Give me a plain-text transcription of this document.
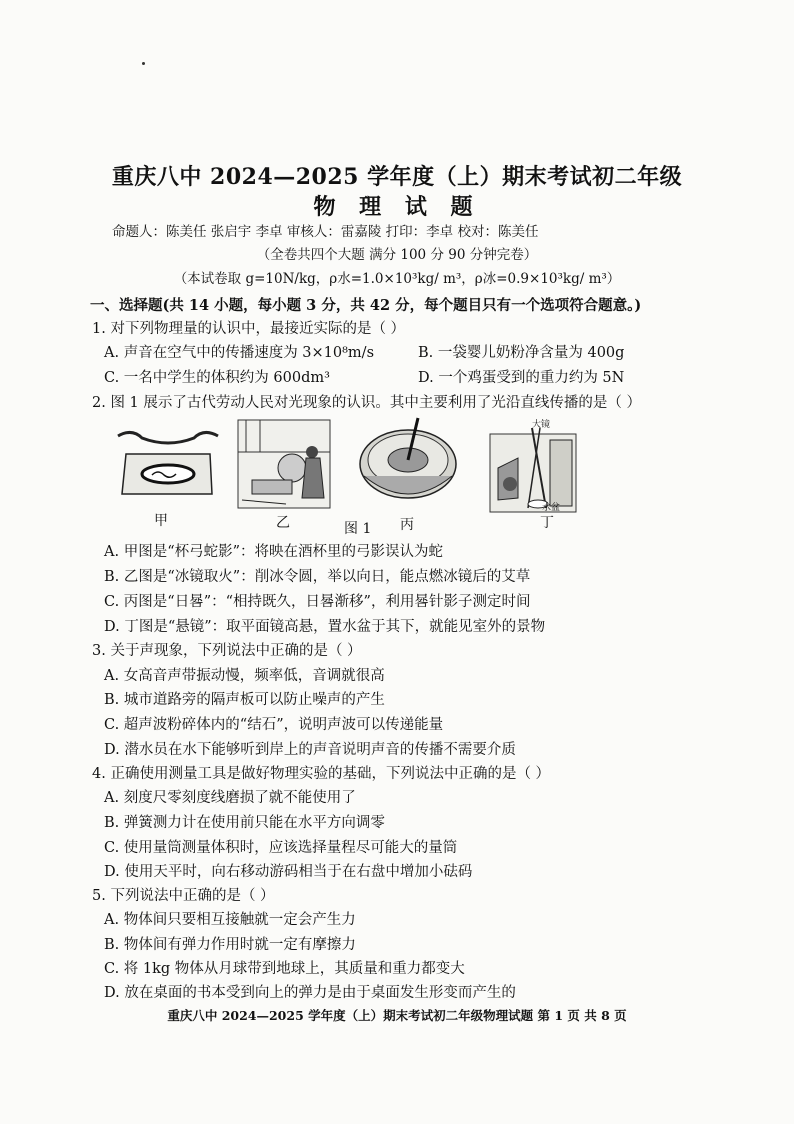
重庆八中 2024—2025 学年度（上）期末考试初二年级
物 理 试 题
命题人：陈美任 张启宇 李卓 审核人：雷嘉陵 打印：李卓 校对：陈美任
（全卷共四个大题 满分 100 分 90 分钟完卷）
（本试卷取 g=10N/kg，ρ水=1.0×10³kg/ m³，ρ冰=0.9×10³kg/ m³）
一、选择题(共 14 小题，每小题 3 分，共 42 分，每个题目只有一个选项符合题意。)
1. 对下列物理量的认识中，最接近实际的是（ ）
A. 声音在空气中的传播速度为 3×10⁸m/s	B. 一袋婴儿奶粉净含量为 400g
C. 一名中学生的体积约为 600dm³	D. 一个鸡蛋受到的重力约为 5N
2. 图 1 展示了古代劳动人民对光现象的认识。其中主要利用了光沿直线传播的是（ ）
大镜
水盆
甲	乙	图 1 丙	丁
A. 甲图是“杯弓蛇影”：将映在酒杯里的弓影误认为蛇
B. 乙图是“冰镜取火”：削冰令圆，举以向日，能点燃冰镜后的艾草
C. 丙图是“日晷”：“相持既久，日晷渐移”，利用晷针影子测定时间
D. 丁图是“悬镜”：取平面镜高悬，置水盆于其下，就能见室外的景物
3. 关于声现象，下列说法中正确的是（ ）
A. 女高音声带振动慢，频率低，音调就很高
B. 城市道路旁的隔声板可以防止噪声的产生
C. 超声波粉碎体内的“结石”，说明声波可以传递能量
D. 潜水员在水下能够听到岸上的声音说明声音的传播不需要介质
4. 正确使用测量工具是做好物理实验的基础，下列说法中正确的是（ ）
A. 刻度尺零刻度线磨损了就不能使用了
B. 弹簧测力计在使用前只能在水平方向调零
C. 使用量筒测量体积时，应该选择量程尽可能大的量筒
D. 使用天平时，向右移动游码相当于在右盘中增加小砝码
5. 下列说法中正确的是（ ）
A. 物体间只要相互接触就一定会产生力
B. 物体间有弹力作用时就一定有摩擦力
C. 将 1kg 物体从月球带到地球上，其质量和重力都变大
D. 放在桌面的书本受到向上的弹力是由于桌面发生形变而产生的
重庆八中 2024—2025 学年度（上）期末考试初二年级物理试题 第 1 页 共 8 页
